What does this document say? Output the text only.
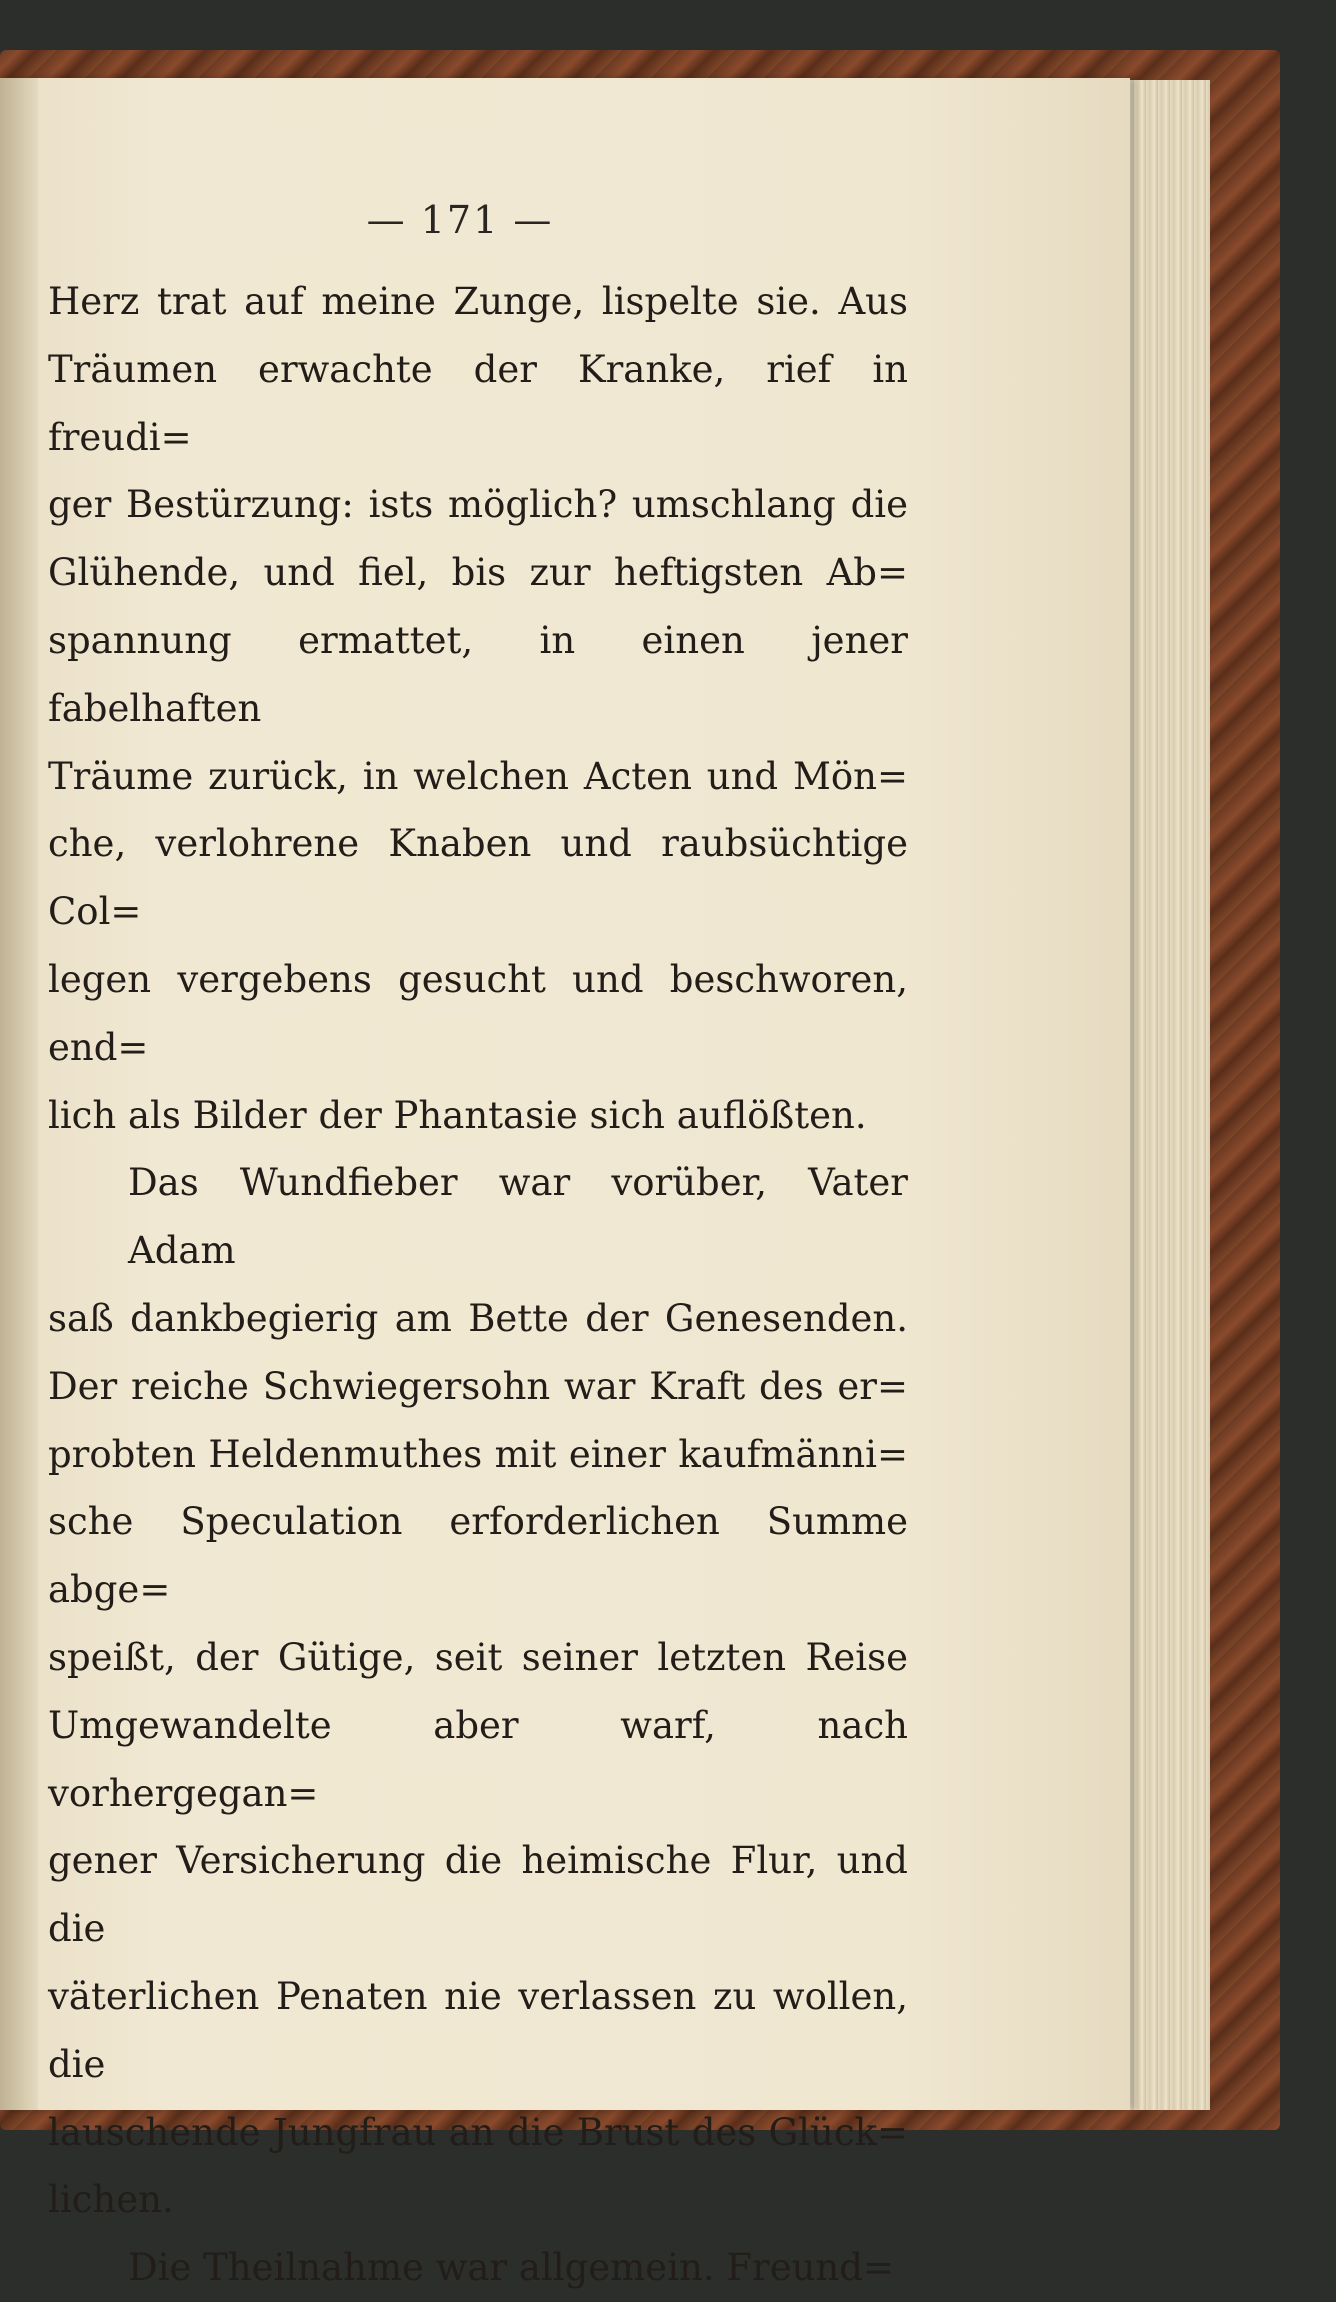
— 171 —

Herz trat auf meine Zunge, lispelte sie. Aus

Träumen erwachte der Kranke, rief in freudi=

ger Bestürzung: ists möglich? umschlang die

Glühende, und fiel, bis zur heftigsten Ab=

spannung ermattet, in einen jener fabelhaften

Träume zurück, in welchen Acten und Mön=

che, verlohrene Knaben und raubsüchtige Col=

legen vergebens gesucht und beschworen, end=

lich als Bilder der Phantasie sich auflößten.

Das Wundfieber war vorüber, Vater Adam

saß dankbegierig am Bette der Genesenden.

Der reiche Schwiegersohn war Kraft des er=

probten Heldenmuthes mit einer kaufmänni=

sche Speculation erforderlichen Summe abge=

speißt, der Gütige, seit seiner letzten Reise

Umgewandelte aber warf, nach vorhergegan=

gener Versicherung die heimische Flur, und die

väterlichen Penaten nie verlassen zu wollen, die

lauschende Jungfrau an die Brust des Glück=

lichen.

Die Theilnahme war allgemein. Freund=
